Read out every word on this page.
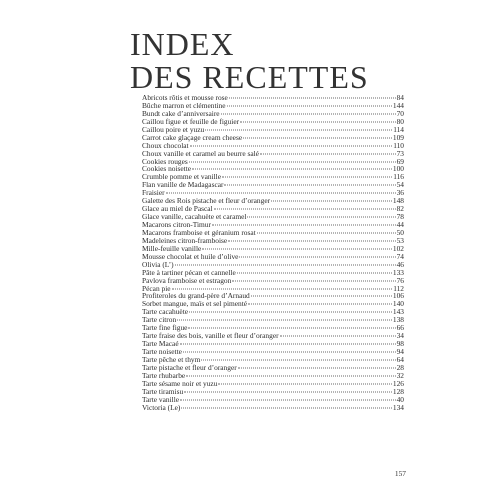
INDEX
DES RECETTES
Abricots rôtis et mousse rose	84
Bûche marron et clémentine	144
Bundt cake d’anniversaire	70
Caillou figue et feuille de figuier	80
Caillou poire et yuzu	114
Carrot cake glaçage cream cheese	109
Choux chocolat	110
Choux vanille et caramel au beurre salé	73
Cookies rouges	69
Cookies noisette	100
Crumble pomme et vanille	116
Flan vanille de Madagascar	54
Fraisier	36
Galette des Rois pistache et fleur d’oranger	148
Glace au miel de Pascal	82
Glace vanille, cacahuète et caramel	78
Macarons citron-Timur	44
Macarons framboise et géranium rosat	50
Madeleines citron-framboise	53
Mille-feuille vanille	102
Mousse chocolat et huile d’olive	74
Olivia (L’)	46
Pâte à tartiner pécan et cannelle	133
Pavlova framboise et estragon	76
Pécan pie	112
Profiteroles du grand-père d’Arnaud	106
Sorbet mangue, maïs et sel pimenté	140
Tarte cacahuète	143
Tarte citron	138
Tarte fine figue	66
Tarte fraise des bois, vanille et fleur d’oranger	34
Tarte Macaé	98
Tarte noisette	94
Tarte pêche et thym	64
Tarte pistache et fleur d’oranger	28
Tarte rhubarbe	32
Tarte sésame noir et yuzu	126
Tarte tiramisu	128
Tarte vanille	40
Victoria (Le)	134
157
